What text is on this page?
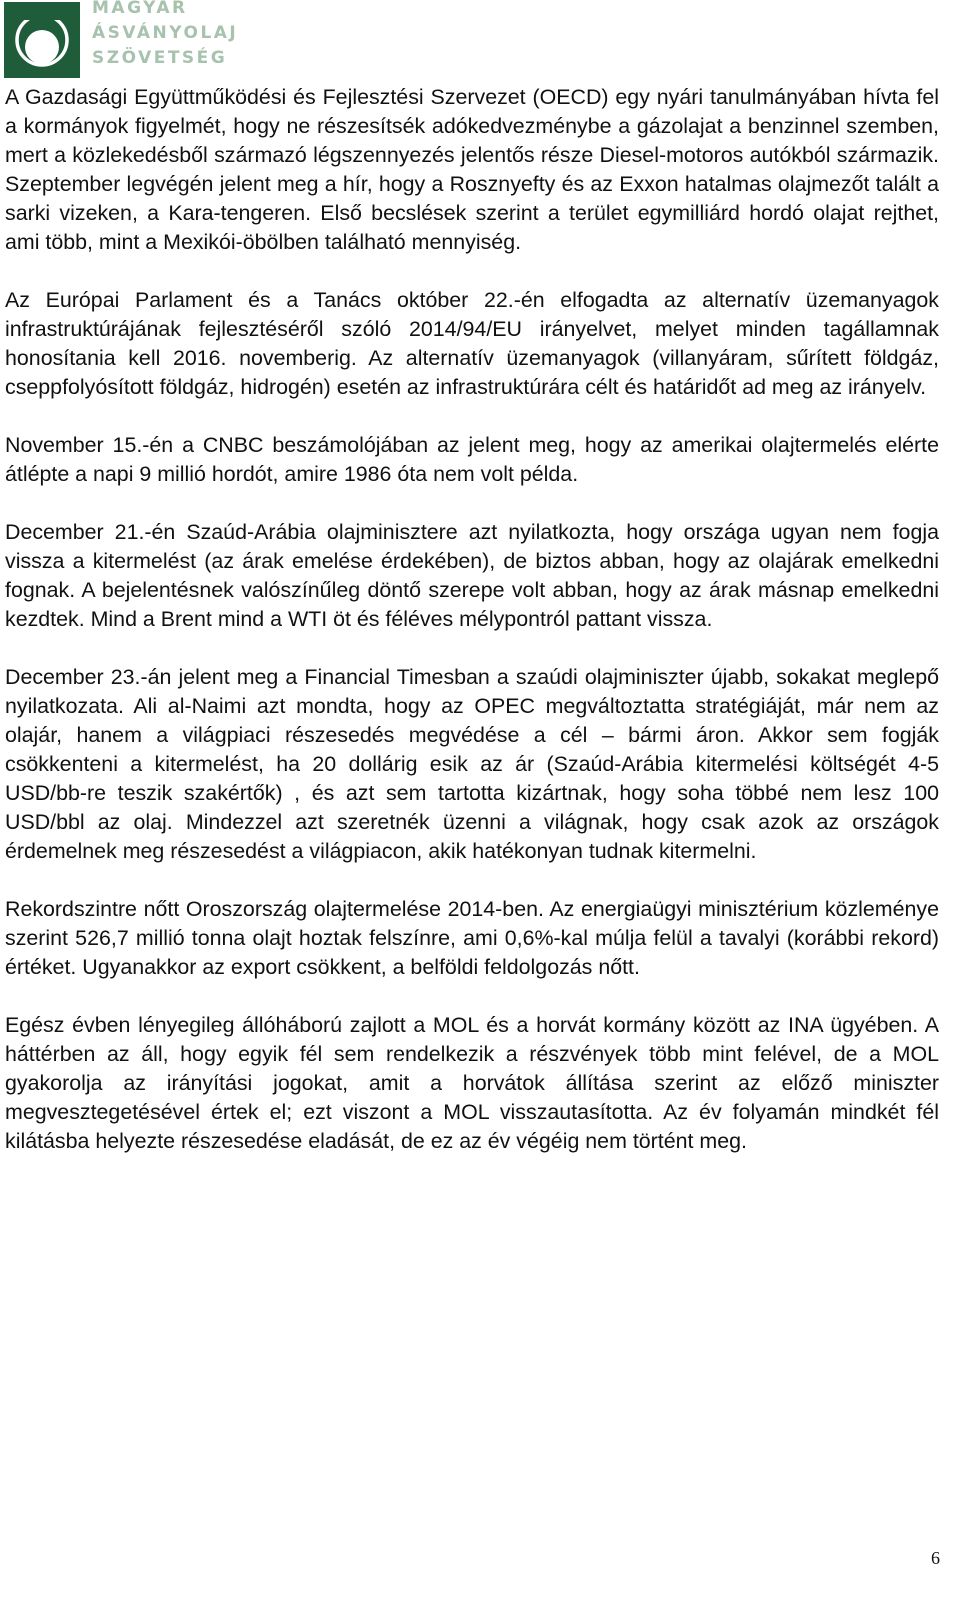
MAGYAR
ÁSVÁNYOLAJ
SZÖVETSÉG

A Gazdasági Együttműködési és Fejlesztési Szervezet (OECD) egy nyári tanulmányában hívta fel a kormányok figyelmét, hogy ne részesítsék adókedvezménybe a gázolajat a benzinnel szemben, mert a közlekedésből származó légszennyezés jelentős része Diesel-motoros autókból származik. Szeptember legvégén jelent meg a hír, hogy a Rosznyefty és az Exxon hatalmas olajmezőt talált a sarki vizeken, a Kara-tengeren. Első becslések szerint a terület egymilliárd hordó olajat rejthet, ami több, mint a Mexikói-öbölben található mennyiség.

Az Európai Parlament és a Tanács október 22.-én elfogadta az alternatív üzemanyagok infrastruktúrájának fejlesztéséről szóló 2014/94/EU irányelvet, melyet minden tagállamnak honosítania kell 2016. novemberig. Az alternatív üzemanyagok (villanyáram, sűrített földgáz, cseppfolyósított földgáz, hidrogén) esetén az infrastruktúrára célt és határidőt ad meg az irányelv.

November 15.-én a CNBC beszámolójában az jelent meg, hogy az amerikai olajtermelés elérte átlépte a napi 9 millió hordót, amire 1986 óta nem volt példa.

December 21.-én Szaúd-Arábia olajminisztere azt nyilatkozta, hogy országa ugyan nem fogja vissza a kitermelést (az árak emelése érdekében), de biztos abban, hogy az olajárak emelkedni fognak. A bejelentésnek valószínűleg döntő szerepe volt abban, hogy az árak másnap emelkedni kezdtek. Mind a Brent mind a WTI öt és féléves mélypontról pattant vissza.

December 23.-án jelent meg a Financial Timesban a szaúdi olajminiszter újabb, sokakat meglepő nyilatkozata. Ali al-Naimi azt mondta, hogy az OPEC megváltoztatta stratégiáját, már nem az olajár, hanem a világpiaci részesedés megvédése a cél – bármi áron. Akkor sem fogják csökkenteni a kitermelést, ha 20 dollárig esik az ár (Szaúd-Arábia kitermelési költségét 4-5 USD/bb-re teszik szakértők) , és azt sem tartotta kizártnak, hogy soha többé nem lesz 100 USD/bbl az olaj. Mindezzel azt szeretnék üzenni a világnak, hogy csak azok az országok érdemelnek meg részesedést a világpiacon, akik hatékonyan tudnak kitermelni.

Rekordszintre nőtt Oroszország olajtermelése 2014-ben. Az energiaügyi minisztérium közleménye szerint 526,7 millió tonna olajt hoztak felszínre, ami 0,6%-kal múlja felül a tavalyi (korábbi rekord) értéket. Ugyanakkor az export csökkent, a belföldi feldolgozás nőtt.

Egész évben lényegileg állóháború zajlott a MOL és a horvát kormány között az INA ügyében. A háttérben az áll, hogy egyik fél sem rendelkezik a részvények több mint felével, de a MOL gyakorolja az irányítási jogokat, amit a horvátok állítása szerint az előző miniszter megvesztegetésével értek el; ezt viszont a MOL visszautasította. Az év folyamán mindkét fél kilátásba helyezte részesedése eladását, de ez az év végéig nem történt meg.

6
